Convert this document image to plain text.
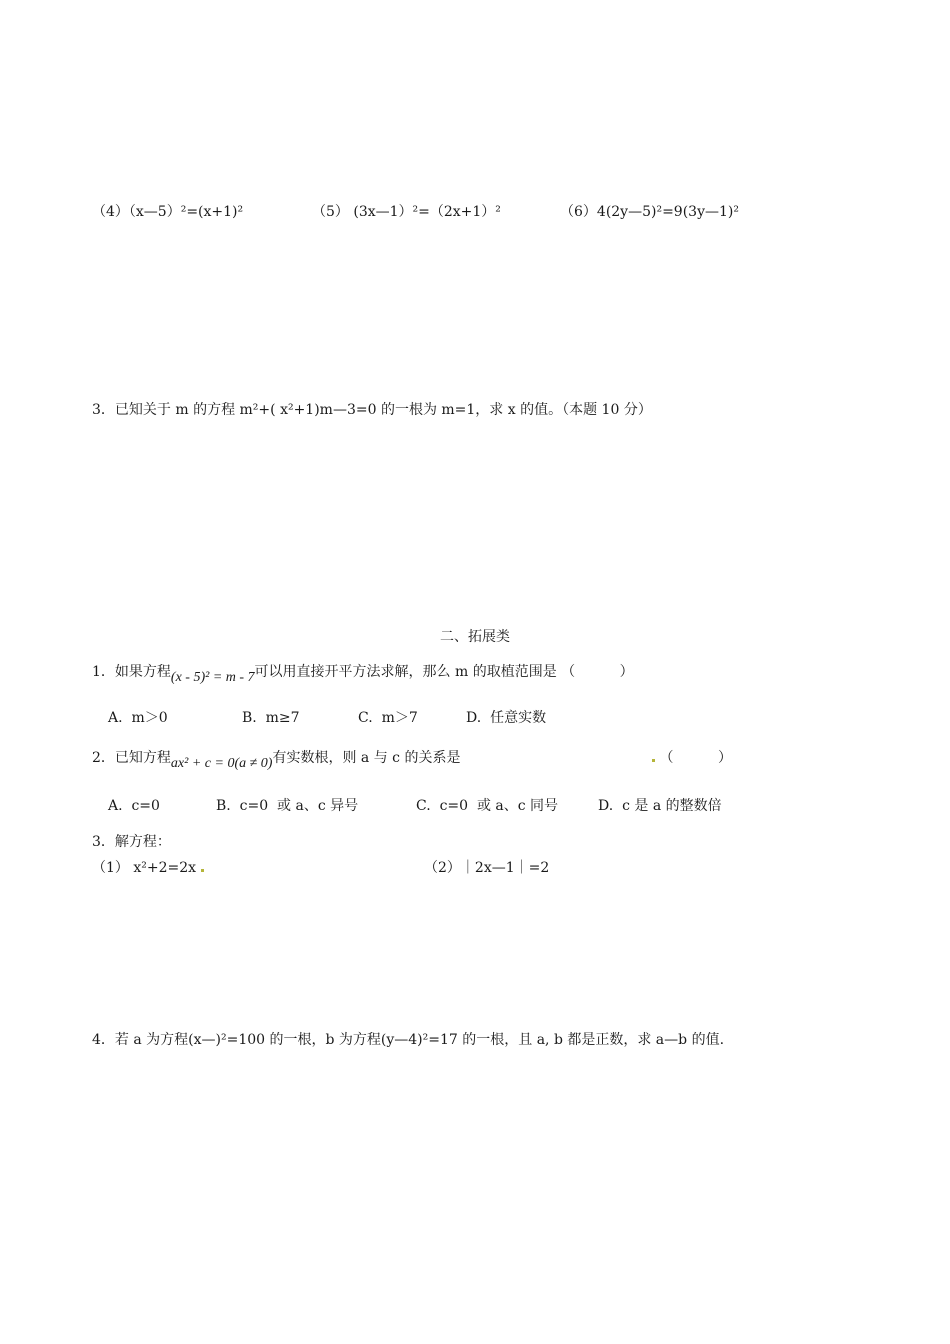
（4）（x—5）²=(x+1)²	（5） (3x—1）²=（2x+1）²	（6）4(2y—5)²=9(3y—1)²
3．已知关于 m 的方程 m²+( x²+1)m—3=0 的一根为 m=1，求 x 的值。（本题 10 分）
二、拓展类
1．如果方程(x - 5)² = m - 7可以用直接开平方法求解，那么 m 的取植范围是 （          ）
A.  m＞0	B.  m≥7	C.  m＞7	D.  任意实数
2．已知方程ax² + c = 0(a ≠ 0)有实数根，则 a 与 c 的关系是	（          ）
A.  c=0	B.  c=0  或 a、c 异号	C.  c=0  或 a、c 同号	D.  c 是 a 的整数倍
3．解方程：
（1） x²+2=2x	（2）｜2x—1｜=2
4．若 a 为方程(x—)²=100 的一根，b 为方程(y—4)²=17 的一根，且 a, b 都是正数，求 a—b 的值.
